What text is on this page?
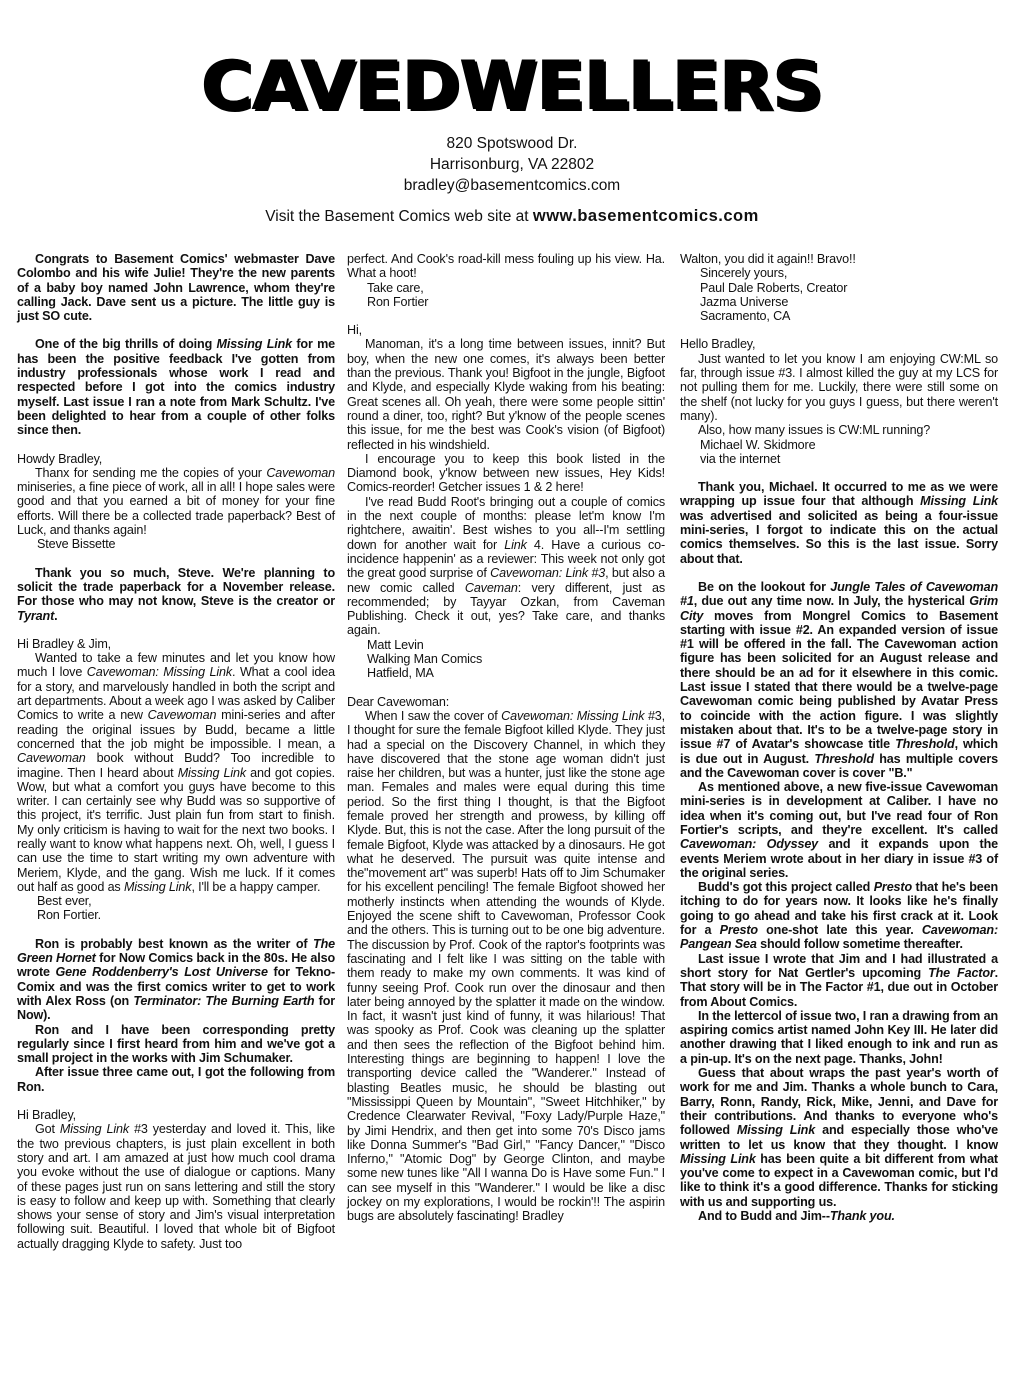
CAVEDWELLERS
820 Spotswood Dr.
Harrisonburg, VA 22802
bradley@basementcomics.com
Visit the Basement Comics web site at www.basementcomics.com

Congrats to Basement Comics' webmaster Dave Colombo and his wife Julie! They're the new parents of a baby boy named John Lawrence, whom they're calling Jack. Dave sent us a picture. The little guy is just SO cute.

One of the big thrills of doing Missing Link for me has been the positive feedback I've gotten from industry professionals whose work I read and respected before I got into the comics industry myself. Last issue I ran a note from Mark Schultz. I've been delighted to hear from a couple of other folks since then.

Howdy Bradley,

Thanx for sending me the copies of your Cavewoman miniseries, a fine piece of work, all in all! I hope sales were good and that you earned a bit of money for your fine efforts. Will there be a collected trade paperback? Best of Luck, and thanks again!

Steve Bissette

Thank you so much, Steve. We're planning to solicit the trade paperback for a November release. For those who may not know, Steve is the creator or Tyrant.

Hi Bradley & Jim,

Wanted to take a few minutes and let you know how much I love Cavewoman: Missing Link. What a cool idea for a story, and marvelously handled in both the script and art departments. About a week ago I was asked by Caliber Comics to write a new Cavewoman mini-series and after reading the original issues by Budd, became a little concerned that the job might be impossible. I mean, a Cavewoman book without Budd? Too incredible to imagine. Then I heard about Missing Link and got copies. Wow, but what a comfort you guys have become to this writer. I can certainly see why Budd was so supportive of this project, it's terrific. Just plain fun from start to finish. My only criticism is having to wait for the next two books. I really want to know what happens next. Oh, well, I guess I can use the time to start writing my own adventure with Meriem, Klyde, and the gang. Wish me luck. If it comes out half as good as Missing Link, I'll be a happy camper.

Best ever,

Ron Fortier.

Ron is probably best known as the writer of The Green Hornet for Now Comics back in the 80s. He also wrote Gene Roddenberry's Lost Universe for Tekno-Comix and was the first comics writer to get to work with Alex Ross (on Terminator: The Burning Earth for Now).

Ron and I have been corresponding pretty regularly since I first heard from him and we've got a small project in the works with Jim Schumaker.

After issue three came out, I got the following from Ron.

Hi Bradley,

Got Missing Link #3 yesterday and loved it. This, like the two previous chapters, is just plain excellent in both story and art. I am amazed at just how much cool drama you evoke without the use of dialogue or captions. Many of these pages just run on sans lettering and still the story is easy to follow and keep up with. Something that clearly shows your sense of story and Jim's visual interpretation following suit. Beautiful. I loved that whole bit of Bigfoot actually dragging Klyde to safety. Just too

perfect. And Cook's road-kill mess fouling up his view. Ha. What a hoot!

Take care,

Ron Fortier

Hi,

Manoman, it's a long time between issues, innit? But boy, when the new one comes, it's always been better than the previous. Thank you! Bigfoot in the jungle, Bigfoot and Klyde, and especially Klyde waking from his beating: Great scenes all. Oh yeah, there were some people sittin' round a diner, too, right? But y'know of the people scenes this issue, for me the best was Cook's vision (of Bigfoot) reflected in his windshield.

I encourage you to keep this book listed in the Diamond book, y'know between new issues, Hey Kids! Comics-reorder! Getcher issues 1 & 2 here!

I've read Budd Root's bringing out a couple of comics in the next couple of months: please let'm know I'm rightchere, awaitin'. Best wishes to you all--I'm settling down for another wait for Link 4. Have a curious co-incidence happenin' as a reviewer: This week not only got the great good surprise of Cavewoman: Link #3, but also a new comic called Caveman: very different, just as recommended; by Tayyar Ozkan, from Caveman Publishing. Check it out, yes? Take care, and thanks again.

Matt Levin

Walking Man Comics

Hatfield, MA

Dear Cavewoman:

When I saw the cover of Cavewoman: Missing Link #3, I thought for sure the female Bigfoot killed Klyde. They just had a special on the Discovery Channel, in which they have discovered that the stone age woman didn't just raise her children, but was a hunter, just like the stone age man. Females and males were equal during this time period. So the first thing I thought, is that the Bigfoot female proved her strength and prowess, by killing off Klyde. But, this is not the case. After the long pursuit of the female Bigfoot, Klyde was attacked by a dinosaurs. He got what he deserved. The pursuit was quite intense and the"movement art" was superb! Hats off to Jim Schumaker for his excellent penciling! The female Bigfoot showed her motherly instincts when attending the wounds of Klyde. Enjoyed the scene shift to Cavewoman, Professor Cook and the others. This is turning out to be one big adventure. The discussion by Prof. Cook of the raptor's footprints was fascinating and I felt like I was sitting on the table with them ready to make my own comments. It was kind of funny seeing Prof. Cook run over the dinosaur and then later being annoyed by the splatter it made on the window. In fact, it wasn't just kind of funny, it was hilarious! That was spooky as Prof. Cook was cleaning up the splatter and then sees the reflection of the Bigfoot behind him. Interesting things are beginning to happen! I love the transporting device called the "Wanderer." Instead of blasting Beatles music, he should be blasting out "Mississippi Queen by Mountain", "Sweet Hitchhiker," by Credence Clearwater Revival, "Foxy Lady/Purple Haze," by Jimi Hendrix, and then get into some 70's Disco jams like Donna Summer's "Bad Girl," "Fancy Dancer," "Disco Inferno," "Atomic Dog" by George Clinton, and maybe some new tunes like "All I wanna Do is Have some Fun." I can see myself in this "Wanderer." I would be like a disc jockey on my explorations, I would be rockin'!! The aspirin bugs are absolutely fascinating! Bradley

Walton, you did it again!! Bravo!!

Sincerely yours,

Paul Dale Roberts, Creator

Jazma Universe

Sacramento, CA

Hello Bradley,

Just wanted to let you know I am enjoying CW:ML so far, through issue #3. I almost killed the guy at my LCS for not pulling them for me. Luckily, there were still some on the shelf (not lucky for you guys I guess, but there weren't many).

Also, how many issues is CW:ML running?

Michael W. Skidmore

via the internet

Thank you, Michael. It occurred to me as we were wrapping up issue four that although Missing Link was advertised and solicited as being a four-issue mini-series, I forgot to indicate this on the actual comics themselves. So this is the last issue. Sorry about that.

Be on the lookout for Jungle Tales of Cavewoman #1, due out any time now. In July, the hysterical Grim City moves from Mongrel Comics to Basement starting with issue #2. An expanded version of issue #1 will be offered in the fall. The Cavewoman action figure has been solicited for an August release and there should be an ad for it elsewhere in this comic. Last issue I stated that there would be a twelve-page Cavewoman comic being published by Avatar Press to coincide with the action figure. I was slightly mistaken about that. It's to be a twelve-page story in issue #7 of Avatar's showcase title Threshold, which is due out in August. Threshold has multiple covers and the Cavewoman cover is cover "B."

As mentioned above, a new five-issue Cavewoman mini-series is in development at Caliber. I have no idea when it's coming out, but I've read four of Ron Fortier's scripts, and they're excellent. It's called Cavewoman: Odyssey and it expands upon the events Meriem wrote about in her diary in issue #3 of the original series.

Budd's got this project called Presto that he's been itching to do for years now. It looks like he's finally going to go ahead and take his first crack at it. Look for a Presto one-shot late this year. Cavewoman: Pangean Sea should follow sometime thereafter.

Last issue I wrote that Jim and I had illustrated a short story for Nat Gertler's upcoming The Factor. That story will be in The Factor #1, due out in October from About Comics.

In the lettercol of issue two, I ran a drawing from an aspiring comics artist named John Key III. He later did another drawing that I liked enough to ink and run as a pin-up. It's on the next page. Thanks, John!

Guess that about wraps the past year's worth of work for me and Jim. Thanks a whole bunch to Cara, Barry, Ronn, Randy, Rick, Mike, Jenni, and Dave for their contributions. And thanks to everyone who's followed Missing Link and especially those who've written to let us know that they thought. I know Missing Link has been quite a bit different from what you've come to expect in a Cavewoman comic, but I'd like to think it's a good difference. Thanks for sticking with us and supporting us.

And to Budd and Jim--Thank you.
